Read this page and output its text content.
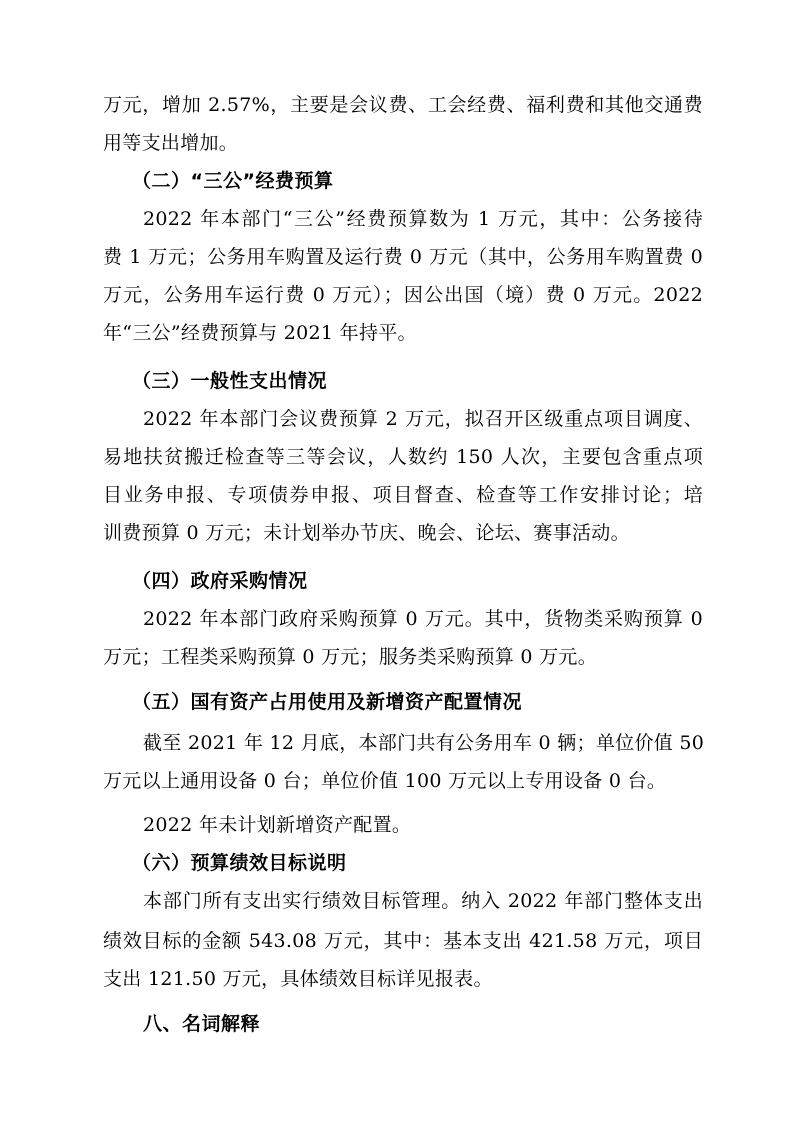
万元，增加 2.57%，主要是会议费、工会经费、福利费和其他交通费
用等支出增加。
（二）“三公”经费预算
2022 年本部门“三公”经费预算数为 1 万元，其中：公务接待
费 1 万元；公务用车购置及运行费 0 万元（其中，公务用车购置费 0
万元，公务用车运行费 0 万元）；因公出国（境）费 0 万元。2022
年“三公”经费预算与 2021 年持平。
（三）一般性支出情况
2022 年本部门会议费预算 2 万元，拟召开区级重点项目调度、
易地扶贫搬迁检查等三等会议，人数约 150 人次，主要包含重点项
目业务申报、专项债券申报、项目督查、检查等工作安排讨论；培
训费预算 0 万元；未计划举办节庆、晚会、论坛、赛事活动。
（四）政府采购情况
2022 年本部门政府采购预算 0 万元。其中，货物类采购预算 0
万元；工程类采购预算 0 万元；服务类采购预算 0 万元。
（五）国有资产占用使用及新增资产配置情况
截至 2021 年 12 月底，本部门共有公务用车 0 辆；单位价值 50
万元以上通用设备 0 台；单位价值 100 万元以上专用设备 0 台。
2022 年未计划新增资产配置。
（六）预算绩效目标说明
本部门所有支出实行绩效目标管理。纳入 2022 年部门整体支出
绩效目标的金额 543.08 万元，其中：基本支出 421.58 万元，项目
支出 121.50 万元，具体绩效目标详见报表。
八、名词解释
